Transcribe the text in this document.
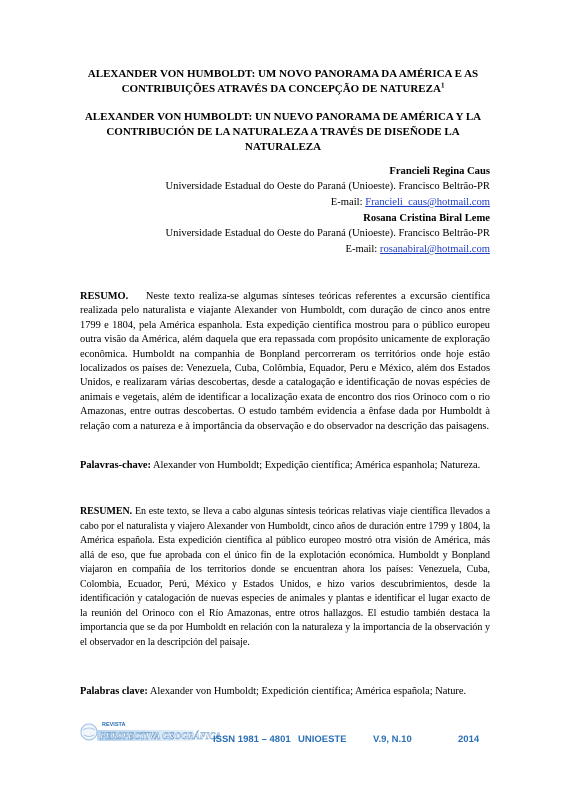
ALEXANDER VON HUMBOLDT: UM NOVO PANORAMA DA AMÉRICA E AS CONTRIBUIÇÕES ATRAVÉS DA CONCEPÇÃO DE NATUREZA$^1$
ALEXANDER VON HUMBOLDT: UN NUEVO PANORAMA DE AMÉRICA Y LA CONTRIBUCIÓN DE LA NATURALEZA A TRAVÉS DE DISEÑODE LA NATURALEZA
Francieli Regina Caus
Universidade Estadual do Oeste do Paraná (Unioeste). Francisco Beltrão-PR
E-mail: Francieli_caus@hotmail.com
Rosana Cristina Biral Leme
Universidade Estadual do Oeste do Paraná (Unioeste). Francisco Beltrão-PR
E-mail: rosanabiral@hotmail.com
RESUMO. Neste texto realiza-se algumas sínteses teóricas referentes a excursão científica realizada pelo naturalista e viajante Alexander von Humboldt, com duração de cinco anos entre 1799 e 1804, pela América espanhola. Esta expedição científica mostrou para o público europeu outra visão da América, além daquela que era repassada com propósito unicamente de exploração econômica. Humboldt na companhia de Bonpland percorreram os territórios onde hoje estão localizados os países de: Venezuela, Cuba, Colômbia, Equador, Peru e México, além dos Estados Unidos, e realizaram várias descobertas, desde a catalogação e identificação de novas espécies de animais e vegetais, além de identificar a localização exata de encontro dos rios Orinoco com o rio Amazonas, entre outras descobertas. O estudo também evidencia a ênfase dada por Humboldt à relação com a natureza e à importância da observação e do observador na descrição das paisagens.
Palavras-chave: Alexander von Humboldt; Expedição científica; América espanhola; Natureza.
RESUMEN. En este texto, se lleva a cabo algunas síntesis teóricas relativas viaje científica llevados a cabo por el naturalista y viajero Alexander von Humboldt, cinco años de duración entre 1799 y 1804, la América española. Esta expedición científica al público europeo mostró otra visión de América, más allá de eso, que fue aprobada con el único fin de la explotación económica. Humboldt y Bonpland viajaron en compañía de los territorios donde se encuentran ahora los países: Venezuela, Cuba, Colombia, Ecuador, Perú, México y Estados Unidos, e hizo varios descubrimientos, desde la identificación y catalogación de nuevas especies de animales y plantas e identificar el lugar exacto de la reunión del Orinoco con el Río Amazonas, entre otros hallazgos. El estudio también destaca la importancia que se da por Humboldt en relación con la naturaleza y la importancia de la observación y el observador en la descripción del paisaje.
Palabras clave: Alexander von Humboldt; Expedición científica; América española; Nature.
REVISTA
PERSPECTIVA GEOGRÁFICA
ISSN 1981 – 4801 UNIOESTE	V.9, N.10	2014
